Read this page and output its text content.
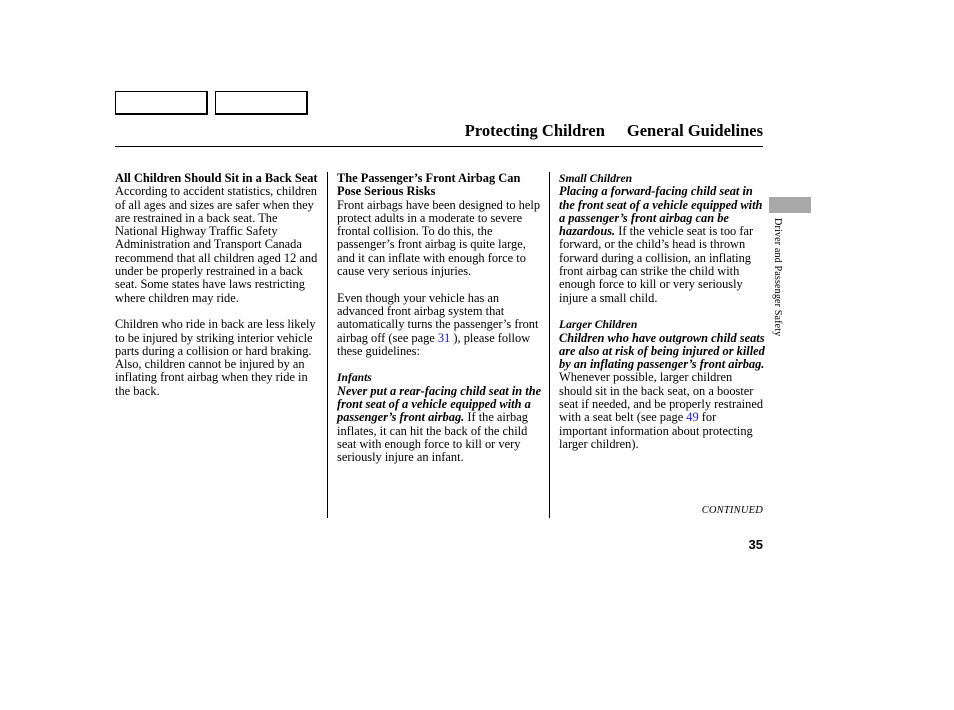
Protecting Children General Guidelines
All Children Should Sit in a Back Seat

According to accident statistics, children of all ages and sizes are safer when they are restrained in a back seat. The National Highway Traffic Safety Administration and Transport Canada recommend that all children aged 12 and under be properly restrained in a back seat. Some states have laws restricting where children may ride.

Children who ride in back are less likely to be injured by striking interior vehicle parts during a collision or hard braking. Also, children cannot be injured by an inflating front airbag when they ride in the back.

The Passenger’s Front Airbag Can Pose Serious Risks

Front airbags have been designed to help protect adults in a moderate to severe frontal collision. To do this, the passenger’s front airbag is quite large, and it can inflate with enough force to cause very serious injuries.

Even though your vehicle has an advanced front airbag system that automatically turns the passenger’s front airbag off (see page 31 ), please follow these guidelines:

Infants

Never put a rear-facing child seat in the front seat of a vehicle equipped with a passenger’s front airbag. If the airbag inflates, it can hit the back of the child seat with enough force to kill or very seriously injure an infant.

Small Children

Placing a forward-facing child seat in the front seat of a vehicle equipped with a passenger’s front airbag can be hazardous. If the vehicle seat is too far forward, or the child’s head is thrown forward during a collision, an inflating front airbag can strike the child with enough force to kill or very seriously injure a small child.

Larger Children

Children who have outgrown child seats are also at risk of being injured or killed by an inflating passenger’s front airbag. Whenever possible, larger children should sit in the back seat, on a booster seat if needed, and be properly restrained with a seat belt (see page 49 for important information about protecting larger children).

CONTINUED
35
Driver and Passenger Safety
